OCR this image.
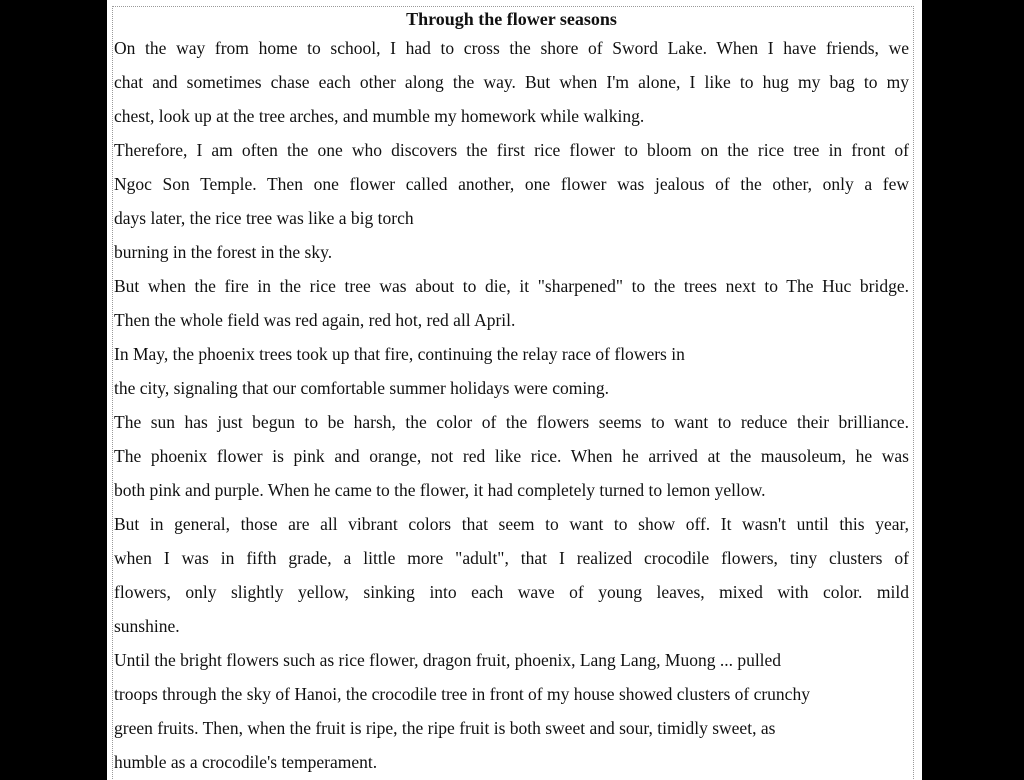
Through the flower seasons
On the way from home to school, I had to cross the shore of Sword Lake. When I have friends, we
chat and sometimes chase each other along the way. But when I'm alone, I like to hug my bag to my
chest, look up at the tree arches, and mumble my homework while walking.
Therefore, I am often the one who discovers the first rice flower to bloom on the rice tree in front of
Ngoc Son Temple. Then one flower called another, one flower was jealous of the other, only a few
days later, the rice tree was like a big torch
burning in the forest in the sky.
But when the fire in the rice tree was about to die, it "sharpened" to the trees next to The Huc bridge.
Then the whole field was red again, red hot, red all April.
In May, the phoenix trees took up that fire, continuing the relay race of flowers in
the city, signaling that our comfortable summer holidays were coming.
The sun has just begun to be harsh, the color of the flowers seems to want to reduce their brilliance.
The phoenix flower is pink and orange, not red like rice. When he arrived at the mausoleum, he was
both pink and purple. When he came to the flower, it had completely turned to lemon yellow.
But in general, those are all vibrant colors that seem to want to show off. It wasn't until this year,
when I was in fifth grade, a little more "adult", that I realized crocodile flowers, tiny clusters of
flowers, only slightly yellow, sinking into each wave of young leaves, mixed with color. mild
sunshine.
Until the bright flowers such as rice flower, dragon fruit, phoenix, Lang Lang, Muong ... pulled
troops through the sky of Hanoi, the crocodile tree in front of my house showed clusters of crunchy
green fruits. Then, when the fruit is ripe, the ripe fruit is both sweet and sour, timidly sweet, as
humble as a crocodile's temperament.
